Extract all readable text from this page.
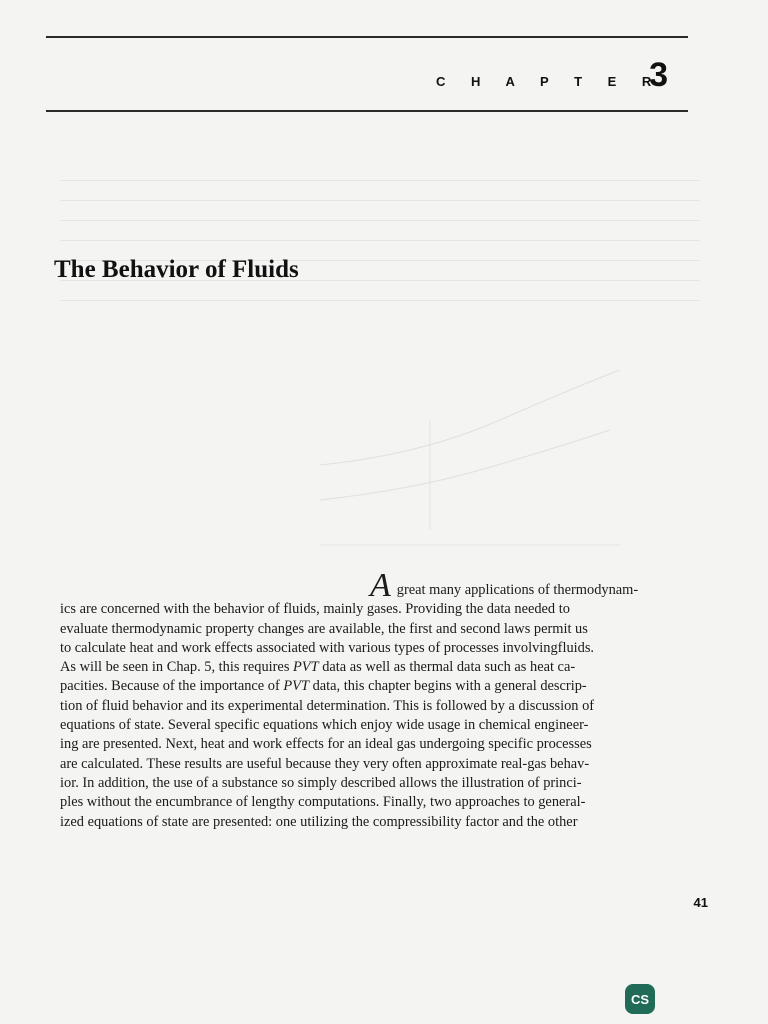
C H A P T E R
3
The Behavior of Fluids
Agreat many applications of thermodynam-
ics are concerned with the behavior of fluids, mainly gases. Providing the data needed to
evaluate thermodynamic property changes are available, the first and second laws permit us
to calculate heat and work effects associated with various types of processes involvingfluids.
As will be seen in Chap. 5, this requires PVT data as well as thermal data such as heat ca-
pacities. Because of the importance of PVT data, this chapter begins with a general descrip-
tion of fluid behavior and its experimental determination. This is followed by a discussion of
equations of state. Several specific equations which enjoy wide usage in chemical engineer-
ing are presented. Next, heat and work effects for an ideal gas undergoing specific processes
are calculated. These results are useful because they very often approximate real-gas behav-
ior. In addition, the use of a substance so simply described allows the illustration of princi-
ples without the encumbrance of lengthy computations. Finally, two approaches to general-
ized equations of state are presented: one utilizing the compressibility factor and the other
41
CS
